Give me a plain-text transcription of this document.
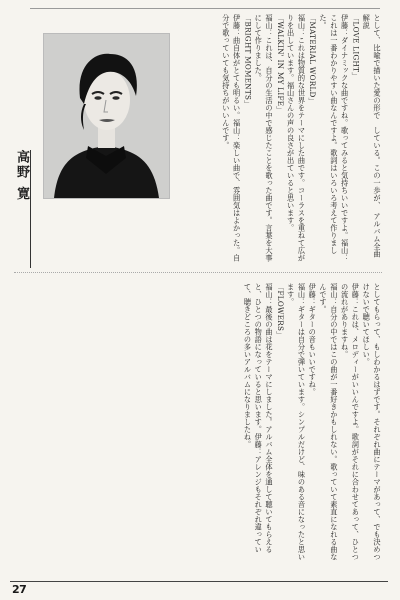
高野 寛
として、比喩で描いた愛の形で　している。この一歩が、　アルバム全曲解説
「LOVE LIGHT」
伊藤：ダイナミックな曲ですね。歌ってみると気持ちいいですよ。福山：これは一番わかりやすい曲なんですよ。歌詞はいろいろ考えて作りました。
「MATERIAL WORLD」
福山：これは物質的な世界をテーマにした曲です。コーラスを重ねて広がりを出しています。福山さんの声の良さが出ていると思います。
「WALKIN' IN MY LIFE」
福山：これは、自分の生活の中で感じたことを歌った曲です。言葉を大事にして作りました。
「BRIGHT MOMENTS」
伊藤：曲自体がとても明るい。福山：楽しい曲で、雰囲気はよかった。自分で歌っていても気持ちがいいんです。
としてもらって、もしわかるはずです。それぞれ曲にテーマがあって、でも決めつけないで聴いてほしい。
伊藤：これは、メロディーがいいんですよ。歌詞がそれに合わせてあって、ひとつの流れがありますね。
福山：自分の中ではこの曲が一番好きかもしれない。歌っていて素直になれる曲なんです。
伊藤：ギターの音もいいですね。
福山：ギターは自分で弾いています。シンプルだけど、味のある音になったと思います。
「FLOWERS」
福山：最後の曲は花をテーマにしました。アルバム全体を通して聴いてもらえると、ひとつの物語になっていると思います。伊藤：アレンジもそれぞれ違っていて、聴きどころの多いアルバムになりましたね。
27
